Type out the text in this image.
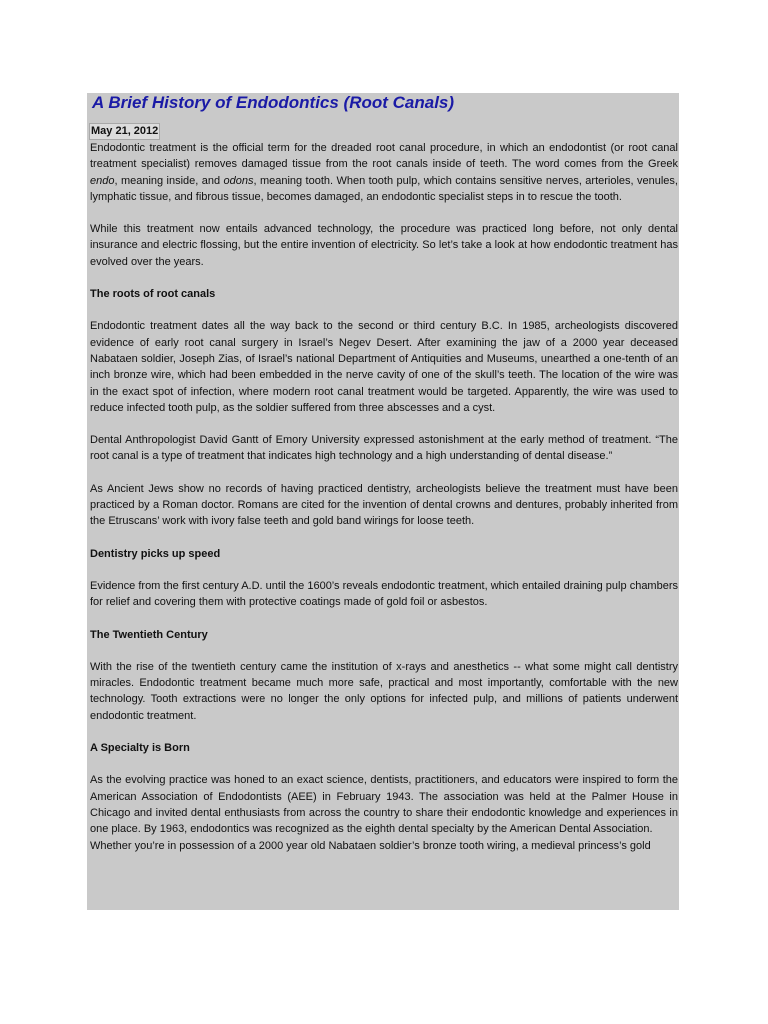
A Brief History of Endodontics (Root Canals)
May 21, 2012

Endodontic treatment is the official term for the dreaded root canal procedure, in which an endodontist (or root canal treatment specialist) removes damaged tissue from the root canals inside of teeth. The word comes from the Greek endo, meaning inside, and odons, meaning tooth. When tooth pulp, which contains sensitive nerves, arterioles, venules, lymphatic tissue, and fibrous tissue, becomes damaged, an endodontic specialist steps in to rescue the tooth.

While this treatment now entails advanced technology, the procedure was practiced long before, not only dental insurance and electric flossing, but the entire invention of electricity. So let’s take a look at how endodontic treatment has evolved over the years.

The roots of root canals

Endodontic treatment dates all the way back to the second or third century B.C. In 1985, archeologists discovered evidence of early root canal surgery in Israel’s Negev Desert. After examining the jaw of a 2000 year deceased Nabataen soldier, Joseph Zias, of Israel’s national Department of Antiquities and Museums, unearthed a one-tenth of an inch bronze wire, which had been embedded in the nerve cavity of one of the skull’s teeth. The location of the wire was in the exact spot of infection, where modern root canal treatment would be targeted. Apparently, the wire was used to reduce infected tooth pulp, as the soldier suffered from three abscesses and a cyst.

Dental Anthropologist David Gantt of Emory University expressed astonishment at the early method of treatment. “The root canal is a type of treatment that indicates high technology and a high understanding of dental disease.”

As Ancient Jews show no records of having practiced dentistry, archeologists believe the treatment must have been practiced by a Roman doctor. Romans are cited for the invention of dental crowns and dentures, probably inherited from the Etruscans’ work with ivory false teeth and gold band wirings for loose teeth.

Dentistry picks up speed

Evidence from the first century A.D. until the 1600’s reveals endodontic treatment, which entailed draining pulp chambers for relief and covering them with protective coatings made of gold foil or asbestos.

The Twentieth Century

With the rise of the twentieth century came the institution of x-rays and anesthetics -- what some might call dentistry miracles. Endodontic treatment became much more safe, practical and most importantly, comfortable with the new technology. Tooth extractions were no longer the only options for infected pulp, and millions of patients underwent endodontic treatment.

A Specialty is Born

As the evolving practice was honed to an exact science, dentists, practitioners, and educators were inspired to form the American Association of Endodontists (AEE) in February 1943. The association was held at the Palmer House in Chicago and invited dental enthusiasts from across the country to share their endodontic knowledge and experiences in one place. By 1963, endodontics was recognized as the eighth dental specialty by the American Dental Association.

Whether you’re in possession of a 2000 year old Nabataen soldier’s bronze tooth wiring, a medieval princess’s gold
